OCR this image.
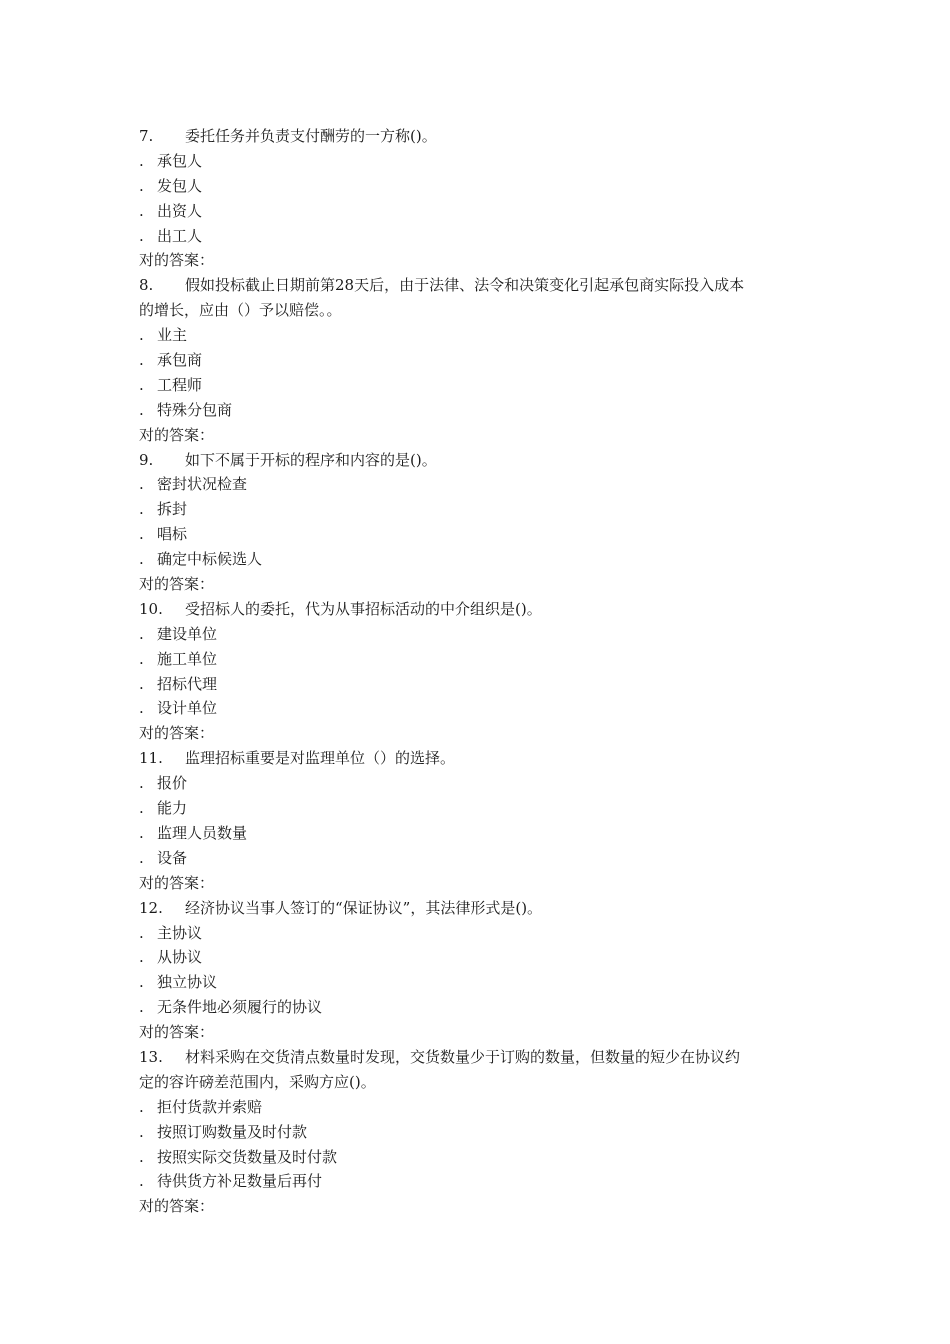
7. 委托任务并负责支付酬劳的一方称()。
. 承包人
. 发包人
. 出资人
. 出工人
对的答案：
8. 假如投标截止日期前第28天后，由于法律、法令和决策变化引起承包商实际投入成本
的增长，应由（）予以赔偿。。
. 业主
. 承包商
. 工程师
. 特殊分包商
对的答案：
9. 如下不属于开标的程序和内容的是()。
. 密封状况检查
. 拆封
. 唱标
. 确定中标候选人
对的答案：
10. 受招标人的委托，代为从事招标活动的中介组织是()。
. 建设单位
. 施工单位
. 招标代理
. 设计单位
对的答案：
11. 监理招标重要是对监理单位（）的选择。
. 报价
. 能力
. 监理人员数量
. 设备
对的答案：
12. 经济协议当事人签订的“保证协议”，其法律形式是()。
. 主协议
. 从协议
. 独立协议
. 无条件地必须履行的协议
对的答案：
13. 材料采购在交货清点数量时发现，交货数量少于订购的数量，但数量的短少在协议约
定的容许磅差范围内，采购方应()。
. 拒付货款并索赔
. 按照订购数量及时付款
. 按照实际交货数量及时付款
. 待供货方补足数量后再付
对的答案：
